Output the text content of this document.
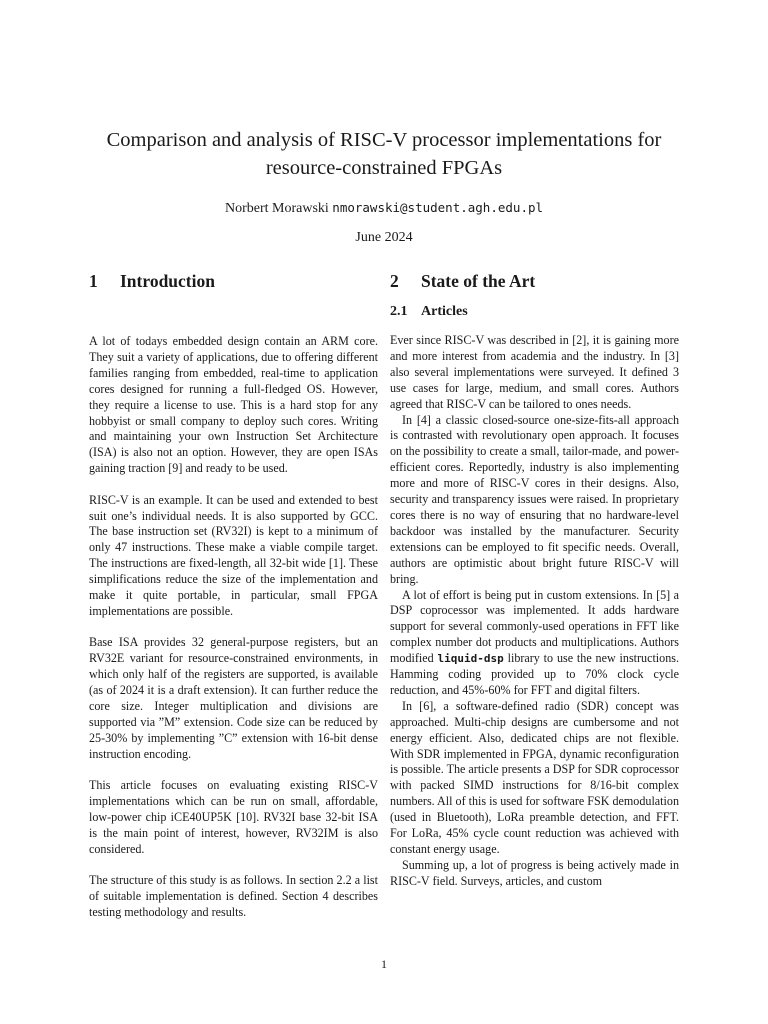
Comparison and analysis of RISC-V processor implementations for
resource-constrained FPGAs
Norbert Morawski nmorawski@student.agh.edu.pl
June 2024
1 Introduction

A lot of todays embedded design contain an ARM core. They suit a variety of applications, due to offering different families ranging from embedded, real-time to application cores designed for running a full-fledged OS. However, they require a license to use. This is a hard stop for any hobbyist or small company to deploy such cores. Writing and maintaining your own Instruction Set Architecture (ISA) is also not an option. However, they are open ISAs gaining traction [9] and ready to be used.

RISC-V is an example. It can be used and extended to best suit one’s individual needs. It is also supported by GCC. The base instruction set (RV32I) is kept to a minimum of only 47 instructions. These make a viable compile target. The instructions are fixed-length, all 32-bit wide [1]. These simplifications reduce the size of the implementation and make it quite portable, in particular, small FPGA implementations are possible.

Base ISA provides 32 general-purpose registers, but an RV32E variant for resource-constrained environments, in which only half of the registers are supported, is available (as of 2024 it is a draft extension). It can further reduce the core size. Integer multiplication and divisions are supported via ”M” extension. Code size can be reduced by 25-30% by implementing ”C” extension with 16-bit dense instruction encoding.

This article focuses on evaluating existing RISC-V implementations which can be run on small, affordable, low-power chip iCE40UP5K [10]. RV32I base 32-bit ISA is the main point of interest, however, RV32IM is also considered.

The structure of this study is as follows. In section 2.2 a list of suitable implementation is defined. Section 4 describes testing methodology and results.

2 State of the Art
2.1 Articles

Ever since RISC-V was described in [2], it is gaining more and more interest from academia and the industry. In [3] also several implementations were surveyed. It defined 3 use cases for large, medium, and small cores. Authors agreed that RISC-V can be tailored to ones needs.

In [4] a classic closed-source one-size-fits-all approach is contrasted with revolutionary open approach. It focuses on the possibility to create a small, tailor-made, and power-efficient cores. Reportedly, industry is also implementing more and more of RISC-V cores in their designs. Also, security and transparency issues were raised. In proprietary cores there is no way of ensuring that no hardware-level backdoor was installed by the manufacturer. Security extensions can be employed to fit specific needs. Overall, authors are optimistic about bright future RISC-V will bring.

A lot of effort is being put in custom extensions. In [5] a DSP coprocessor was implemented. It adds hardware support for several commonly-used operations in FFT like complex number dot products and multiplications. Authors modified liquid-dsp library to use the new instructions. Hamming coding provided up to 70% clock cycle reduction, and 45%-60% for FFT and digital filters.

In [6], a software-defined radio (SDR) concept was approached. Multi-chip designs are cumbersome and not energy efficient. Also, dedicated chips are not flexible. With SDR implemented in FPGA, dynamic reconfiguration is possible. The article presents a DSP for SDR coprocessor with packed SIMD instructions for 8/16-bit complex numbers. All of this is used for software FSK demodulation (used in Bluetooth), LoRa preamble detection, and FFT. For LoRa, 45% cycle count reduction was achieved with constant energy usage.

Summing up, a lot of progress is being actively made in RISC-V field. Surveys, articles, and custom

1
